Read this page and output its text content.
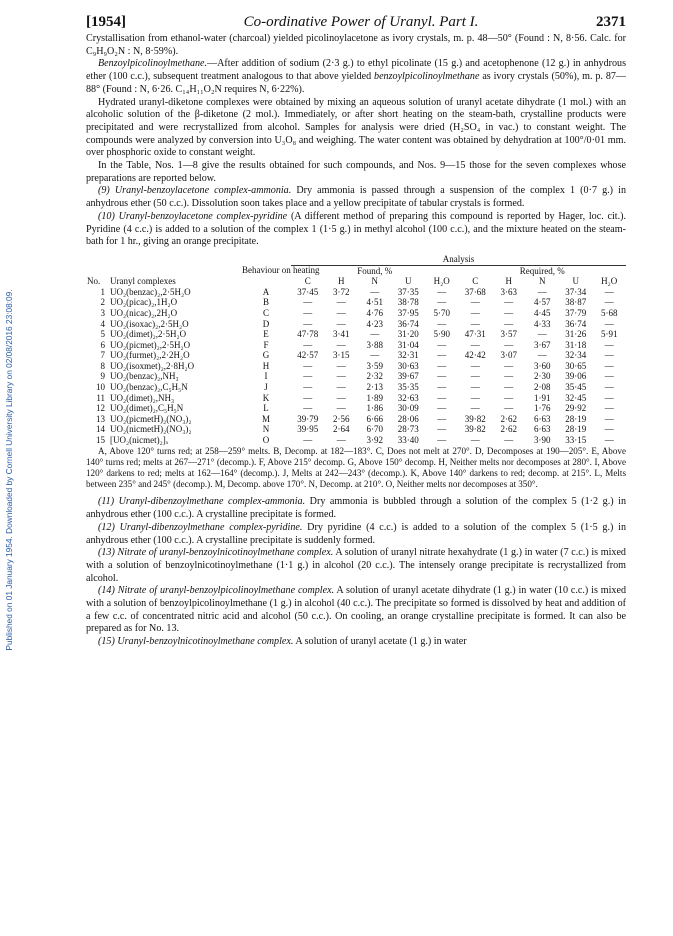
Published on 01 January 1954. Downloaded by Cornell University Library on 02/08/2016 23:08:09.
[1954]	Co-ordinative Power of Uranyl. Part I.	2371

Crystallisation from ethanol-water (charcoal) yielded picolinoylacetone as ivory crystals, m. p. 48—50° (Found : N, 8·56. Calc. for C₉H₉O₂N : N, 8·59%).

Benzoylpicolinoylmethane.—After addition of sodium (2·3 g.) to ethyl picolinate (15 g.) and acetophenone (12 g.) in anhydrous ether (100 c.c.), subsequent treatment analogous to that above yielded benzoylpicolinoylmethane as ivory crystals (50%), m. p. 87—88° (Found : N, 6·26. C₁₄H₁₁O₂N requires N, 6·22%).

Hydrated uranyl-diketone complexes were obtained by mixing an aqueous solution of uranyl acetate dihydrate (1 mol.) with an alcoholic solution of the β-diketone (2 mol.). Immediately, or after short heating on the steam-bath, crystalline products were precipitated and were recrystallized from alcohol. Samples for analysis were dried (H₂SO₄ in vac.) to constant weight. The compounds were analyzed by conversion into U₃O₈ and weighing. The water content was obtained by dehydration at 100°/0·01 mm. over phosphoric oxide to constant weight.

In the Table, Nos. 1—8 give the results obtained for such compounds, and Nos. 9—15 those for the seven complexes whose preparations are reported below.

(9) Uranyl-benzoylacetone complex-ammonia. Dry ammonia is passed through a suspension of the complex 1 (0·7 g.) in anhydrous ether (50 c.c.). Dissolution soon takes place and a yellow precipitate of tabular crystals is formed.

(10) Uranyl-benzoylacetone complex-pyridine (A different method of preparing this compound is reported by Hager, loc. cit.). Pyridine (4 c.c.) is added to a solution of the complex 1 (1·5 g.) in methyl alcohol (100 c.c.), and the mixture heated on the steam-bath for 1 hr., giving an orange precipitate.

			Analysis									
		Behaviour on heating	Found, %					Required, %				
No.	Uranyl complexes		C	H	N	U	H₂O	C	H	N	U	H₂O
1	UO₂(benzac)₂,2·5H₂O	A	37·45	3·72	—	37·35	—	37·68	3·63	—	37·34	—
2	UO₂(picac)₂,1H₂O	B	—	—	4·51	38·78	—	—	—	4·57	38·87	—
3	UO₂(nicac)₂,2H₂O	C	—	—	4·76	37·95	5·70	—	—	4·45	37·79	5·68
4	UO₂(isoxac)₂,2·5H₂O	D	—	—	4·23	36·74	—	—	—	4·33	36·74	—
5	UO₂(dimet)₂,2·5H₂O	E	47·78	3·41	—	31·20	5·90	47·31	3·57	—	31·26	5·91
6	UO₂(picmet)₂,2·5H₂O	F	—	—	3·88	31·04	—	—	—	3·67	31·18	—
7	UO₂(furmet)₂,2·2H₂O	G	42·57	3·15	—	32·31	—	42·42	3·07	—	32·34	—
8	UO₂(isoxmet)₂,2·8H₂O	H	—	—	3·59	30·63	—	—	—	3·60	30·65	—
9	UO₂(benzac)₂,NH₃	I	—	—	2·32	39·67	—	—	—	2·30	39·06	—
10	UO₂(benzac)₂,C₅H₅N	J	—	—	2·13	35·35	—	—	—	2·08	35·45	—
11	UO₂(dimet)₂,NH₃	K	—	—	1·89	32·63	—	—	—	1·91	32·45	—
12	UO₂(dimet)₂,C₅H₅N	L	—	—	1·86	30·09	—	—	—	1·76	29·92	—
13	UO₂(picmetH)₂(NO₃)₂	M	39·79	2·56	6·66	28·06	—	39·82	2·62	6·63	28·19	—
14	UO₂(nicmetH)₂(NO₃)₂	N	39·95	2·64	6·70	28·73	—	39·82	2·62	6·63	28·19	—
15	[UO₂(nicmet)₂]ₓ	O	—	—	3·92	33·40	—	—	—	3·90	33·15	—

A, Above 120° turns red; at 258—259° melts. B, Decomp. at 182—183°. C, Does not melt at 270°. D, Decomposes at 190—205°. E, Above 140° turns red; melts at 267—271° (decomp.). F, Above 215° decomp. G, Above 150° decomp. H, Neither melts nor decomposes at 280°. I, Above 120° darkens to red; melts at 162—164° (decomp.). J, Melts at 242—243° (decomp.). K, Above 140° darkens to red; decomp. at 215°. L, Melts between 235° and 245° (decomp.). M, Decomp. above 170°. N, Decomp. at 210°. O, Neither melts nor decomposes at 350°.

(11) Uranyl-dibenzoylmethane complex-ammonia. Dry ammonia is bubbled through a solution of the complex 5 (1·2 g.) in anhydrous ether (100 c.c.). A crystalline precipitate is formed.

(12) Uranyl-dibenzoylmethane complex-pyridine. Dry pyridine (4 c.c.) is added to a solution of the complex 5 (1·5 g.) in anhydrous ether (100 c.c.). A crystalline precipitate is suddenly formed.

(13) Nitrate of uranyl-benzoylnicotinoylmethane complex. A solution of uranyl nitrate hexahydrate (1 g.) in water (7 c.c.) is mixed with a solution of benzoylnicotinoylmethane (1·1 g.) in alcohol (20 c.c.). The intensely orange precipitate is recrystallized from alcohol.

(14) Nitrate of uranyl-benzoylpicolinoylmethane complex. A solution of uranyl acetate dihydrate (1 g.) in water (10 c.c.) is mixed with a solution of benzoylpicolinoylmethane (1 g.) in alcohol (40 c.c.). The precipitate so formed is dissolved by heat and addition of a few c.c. of concentrated nitric acid and alcohol (50 c.c.). On cooling, an orange crystalline precipitate is formed. It can also be prepared as for No. 13.

(15) Uranyl-benzoylnicotinoylmethane complex. A solution of uranyl acetate (1 g.) in water
